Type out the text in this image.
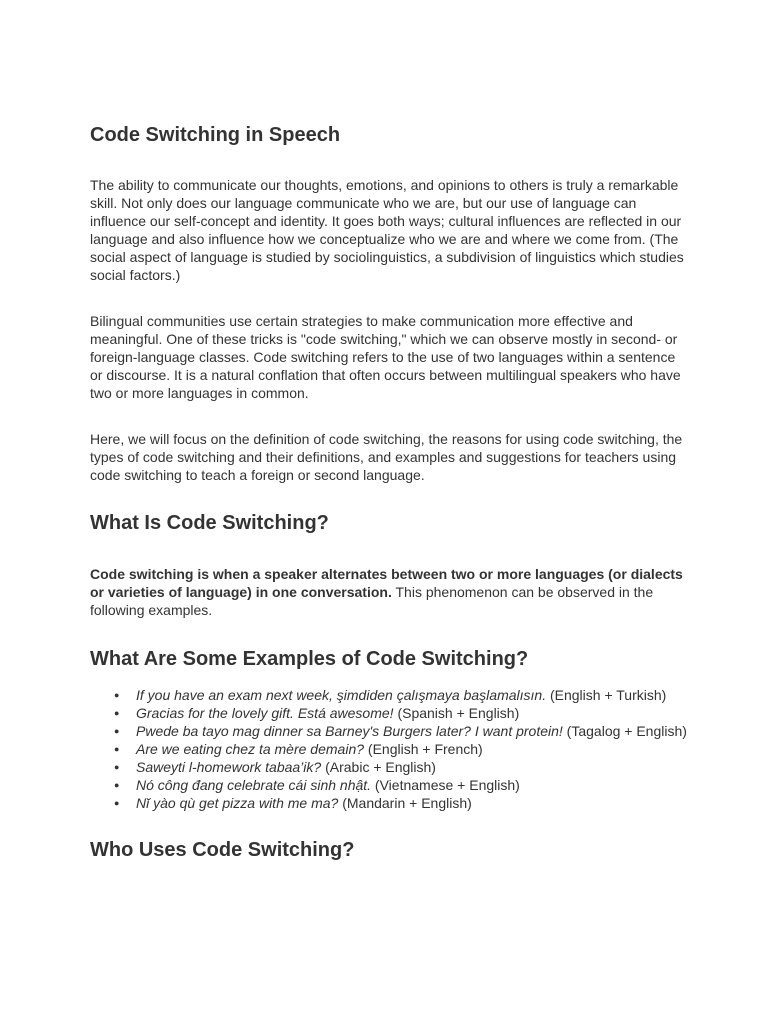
Code Switching in Speech

The ability to communicate our thoughts, emotions, and opinions to others is truly a remarkable skill. Not only does our language communicate who we are, but our use of language can influence our self-concept and identity. It goes both ways; cultural influences are reflected in our language and also influence how we conceptualize who we are and where we come from. (The social aspect of language is studied by sociolinguistics, a subdivision of linguistics which studies social factors.)

Bilingual communities use certain strategies to make communication more effective and meaningful. One of these tricks is "code switching," which we can observe mostly in second- or foreign-language classes. Code switching refers to the use of two languages within a sentence or discourse. It is a natural conflation that often occurs between multilingual speakers who have two or more languages in common.

Here, we will focus on the definition of code switching, the reasons for using code switching, the types of code switching and their definitions, and examples and suggestions for teachers using code switching to teach a foreign or second language.

What Is Code Switching?

Code switching is when a speaker alternates between two or more languages (or dialects or varieties of language) in one conversation. This phenomenon can be observed in the following examples.

What Are Some Examples of Code Switching?
● If you have an exam next week, şimdiden çalışmaya başlamalısın. (English + Turkish)
● Gracias for the lovely gift. Está awesome! (Spanish + English)
● Pwede ba tayo mag dinner sa Barney's Burgers later? I want protein! (Tagalog + English)
● Are we eating chez ta mère demain? (English + French)
● Saweyti l-homework tabaa’ik? (Arabic + English)
● Nó công đang celebrate cái sinh nhật. (Vietnamese + English)
● Nĭ yào qù get pizza with me ma? (Mandarin + English)
Who Uses Code Switching?
